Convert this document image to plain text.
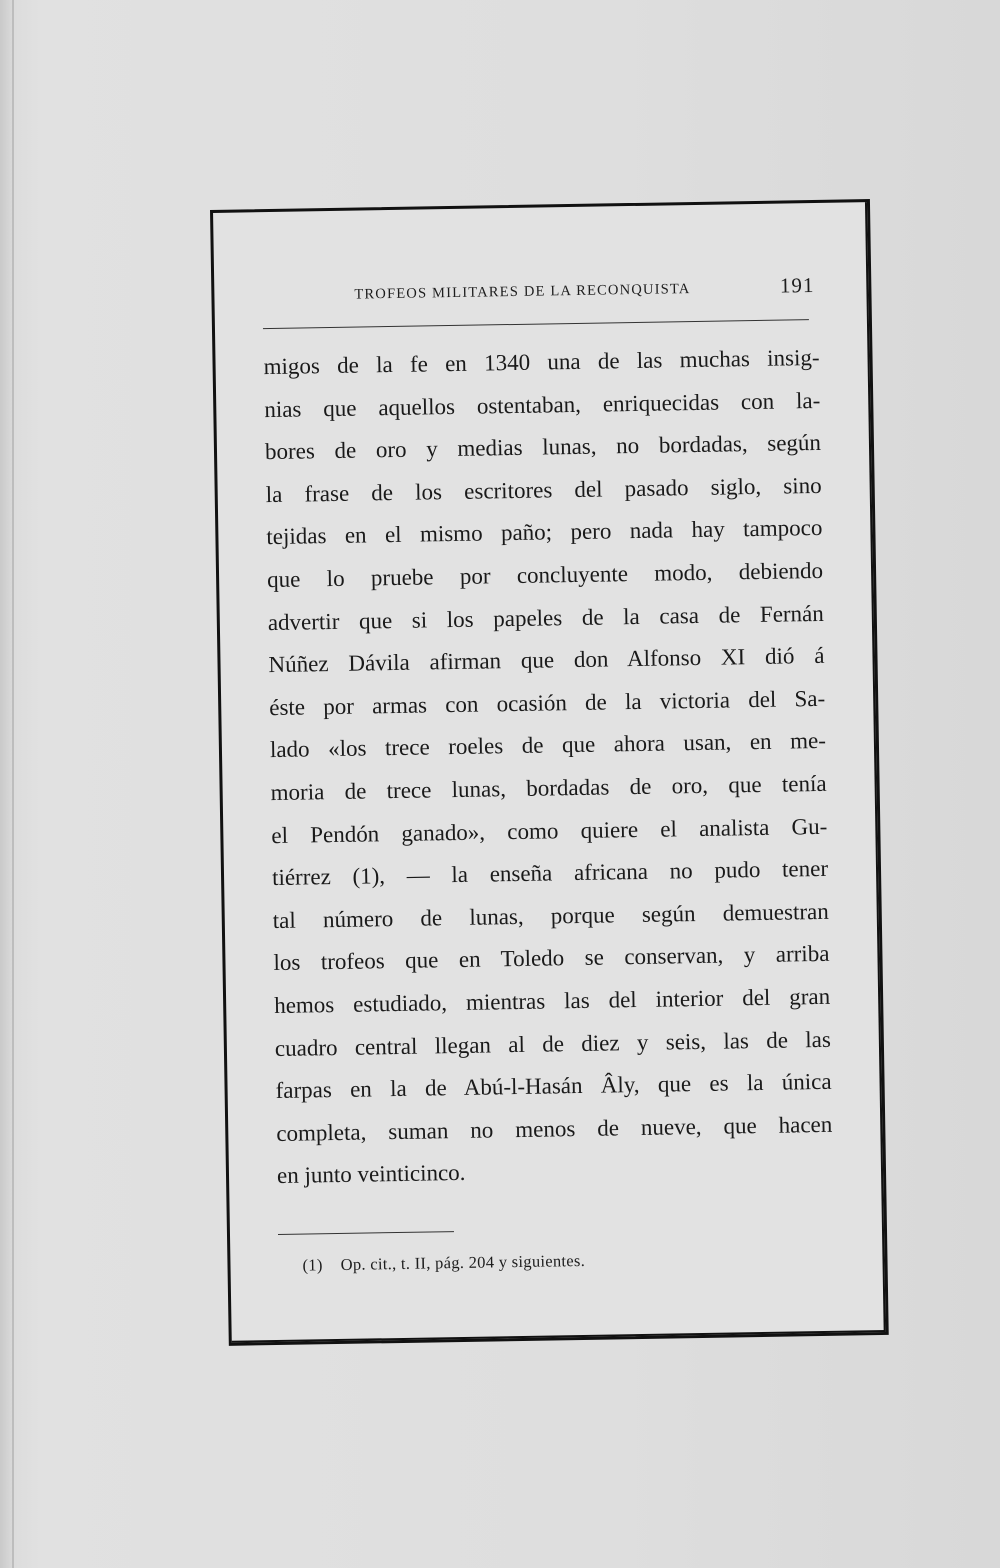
TROFEOS MILITARES DE LA RECONQUISTA	191
migos de la fe en 1340 una de las muchas insig-
nias que aquellos ostentaban, enriquecidas con la-
bores de oro y medias lunas, no bordadas, según
la frase de los escritores del pasado siglo, sino
tejidas en el mismo paño; pero nada hay tampoco
que lo pruebe por concluyente modo, debiendo
advertir que si los papeles de la casa de Fernán
Núñez Dávila afirman que don Alfonso XI dió á
éste por armas con ocasión de la victoria del Sa-
lado «los trece roeles de que ahora usan, en me-
moria de trece lunas, bordadas de oro, que tenía
el Pendón ganado», como quiere el analista Gu-
tiérrez (1), — la enseña africana no pudo tener
tal número de lunas, porque según demuestran
los trofeos que en Toledo se conservan, y arriba
hemos estudiado, mientras las del interior del gran
cuadro central llegan al de diez y seis, las de las
farpas en la de Abú-l-Hasán Âly, que es la única
completa, suman no menos de nueve, que hacen
en junto veinticinco.
(1) Op. cit., t. II, pág. 204 y siguientes.
